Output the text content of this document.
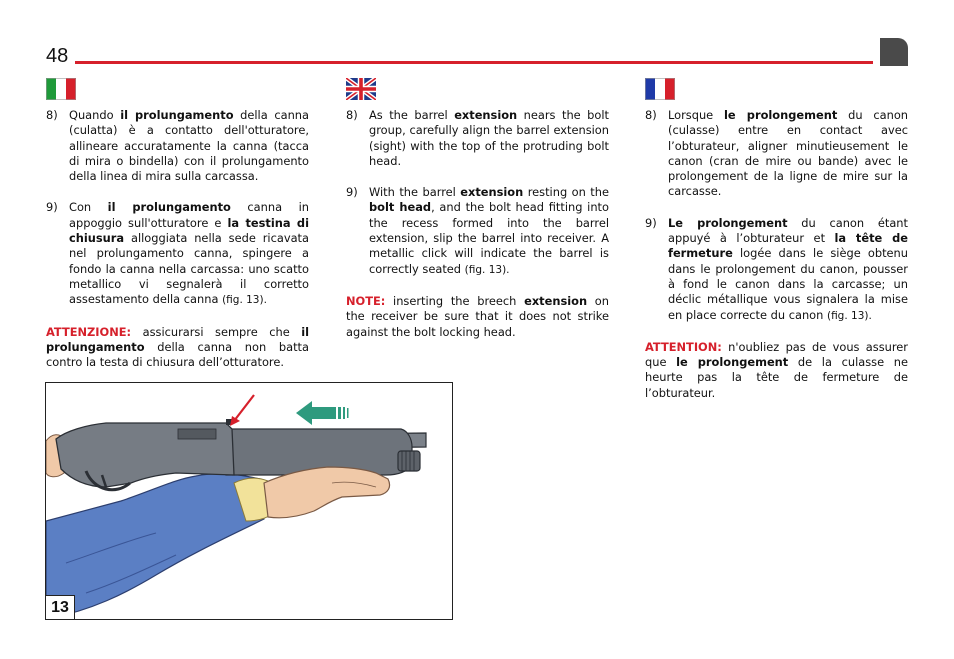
48

8) Quando il prolungamento della canna (culatta) è a contatto dell'otturatore, allineare accuratamente la canna (tacca di mira o bindella) con il prolungamento della linea di mira sulla carcassa.

9) Con il prolungamento canna in appoggio sull'otturatore e la testina di chiusura alloggiata nella sede ricavata nel prolungamento canna, spingere a fondo la canna nella carcassa: uno scatto metallico vi segnalerà il corretto assestamento della canna (fig. 13).

ATTENZIONE: assicurarsi sempre che il prolungamento della canna non batta contro la testa di chiusura dell’otturatore.

8) As the barrel extension nears the bolt group, carefully align the barrel extension (sight) with the top of the protruding bolt head.

9) With the barrel extension resting on the bolt head, and the bolt head fitting into the recess formed into the barrel extension, slip the barrel into receiver. A metallic click will indicate the barrel is correctly seated (fig. 13).

NOTE: inserting the breech extension on the receiver be sure that it does not strike against the bolt locking head.

8) Lorsque le prolongement du canon (culasse) entre en contact avec l’obturateur, aligner minutieusement le canon (cran de mire ou bande) avec le prolongement de la ligne de mire sur la carcasse.

9) Le prolongement du canon étant appuyé à l’obturateur et la tête de fermeture logée dans le siège obtenu dans le prolongement du canon, pousser à fond le canon dans la carcasse; un déclic métallique vous signalera la mise en place correcte du canon (fig. 13).

ATTENTION: n'oubliez pas de vous assurer que le prolongement de la culasse ne heurte pas la tête de fermeture de l’obturateur.

13
